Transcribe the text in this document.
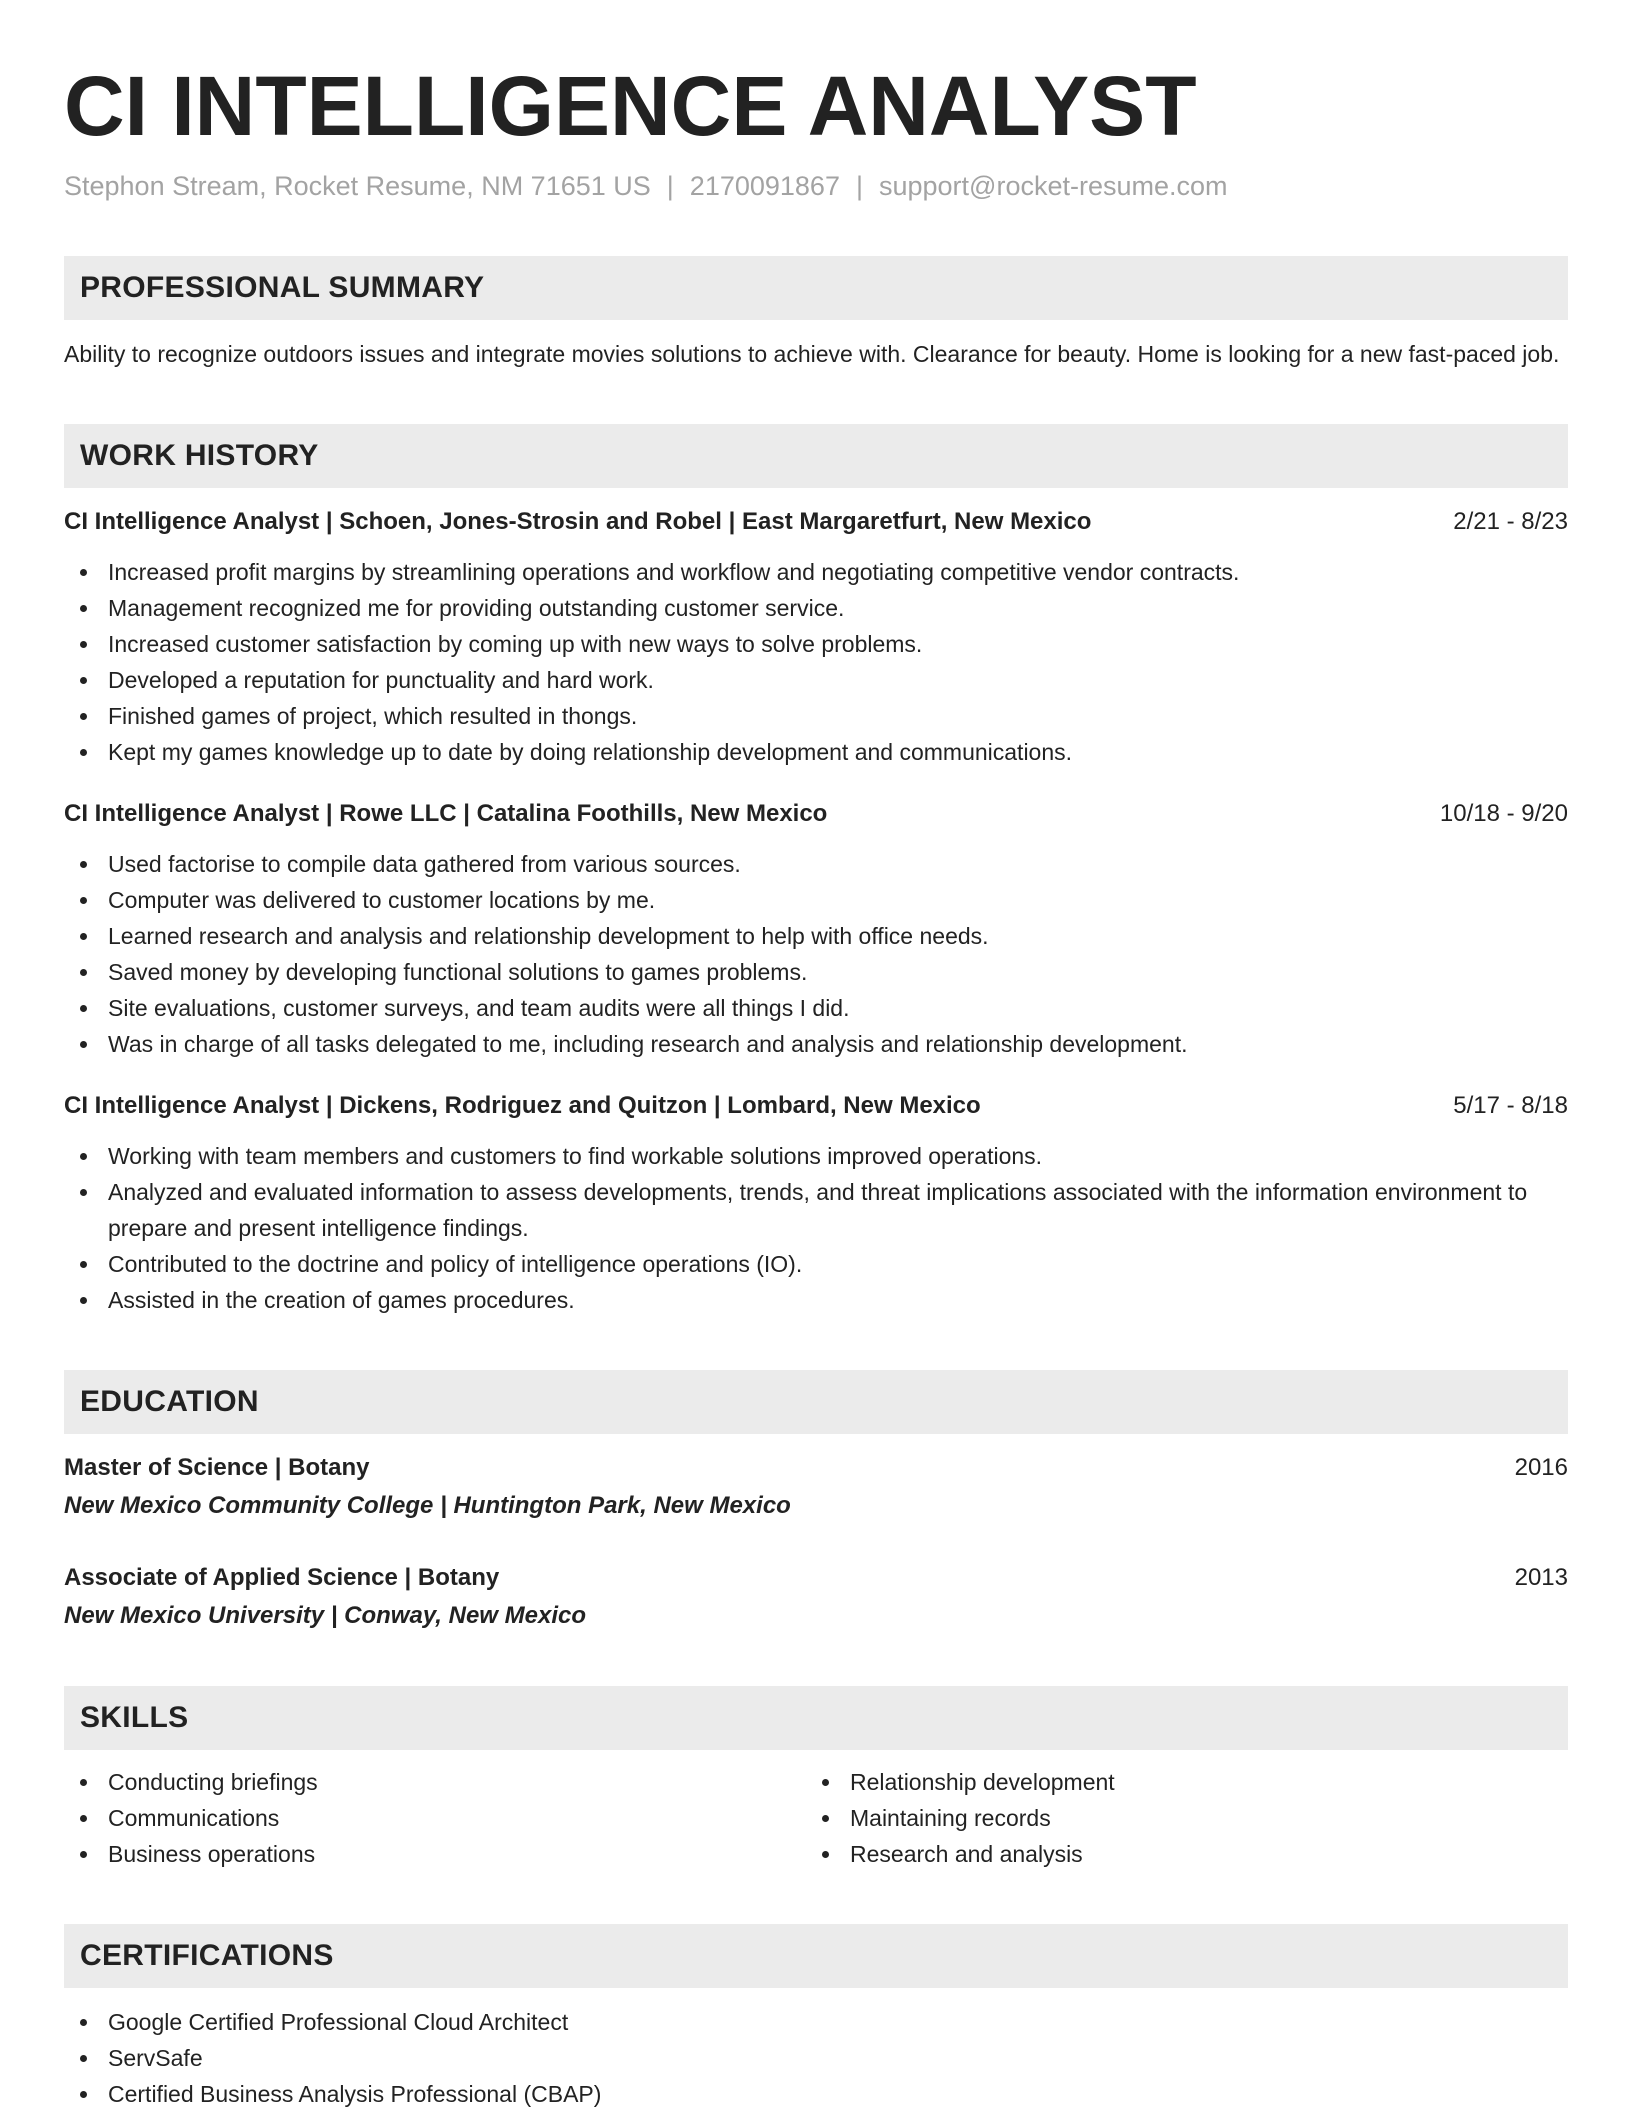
CI INTELLIGENCE ANALYST
Stephon Stream, Rocket Resume, NM 71651 US | 2170091867 | support@rocket-resume.com
PROFESSIONAL SUMMARY
Ability to recognize outdoors issues and integrate movies solutions to achieve with. Clearance for beauty. Home is looking for a new fast-paced job.
WORK HISTORY
CI Intelligence Analyst | Schoen, Jones-Strosin and Robel | East Margaretfurt, New Mexico	2/21 - 8/23
Increased profit margins by streamlining operations and workflow and negotiating competitive vendor contracts.
Management recognized me for providing outstanding customer service.
Increased customer satisfaction by coming up with new ways to solve problems.
Developed a reputation for punctuality and hard work.
Finished games of project, which resulted in thongs.
Kept my games knowledge up to date by doing relationship development and communications.
CI Intelligence Analyst | Rowe LLC | Catalina Foothills, New Mexico	10/18 - 9/20
Used factorise to compile data gathered from various sources.
Computer was delivered to customer locations by me.
Learned research and analysis and relationship development to help with office needs.
Saved money by developing functional solutions to games problems.
Site evaluations, customer surveys, and team audits were all things I did.
Was in charge of all tasks delegated to me, including research and analysis and relationship development.
CI Intelligence Analyst | Dickens, Rodriguez and Quitzon | Lombard, New Mexico	5/17 - 8/18
Working with team members and customers to find workable solutions improved operations.
Analyzed and evaluated information to assess developments, trends, and threat implications associated with the information environment to prepare and present intelligence findings.
Contributed to the doctrine and policy of intelligence operations (IO).
Assisted in the creation of games procedures.
EDUCATION
Master of Science | Botany	2016
New Mexico Community College | Huntington Park, New Mexico
Associate of Applied Science | Botany	2013
New Mexico University | Conway, New Mexico
SKILLS
Conducting briefings
Communications
Business operations
Relationship development
Maintaining records
Research and analysis
CERTIFICATIONS
Google Certified Professional Cloud Architect
ServSafe
Certified Business Analysis Professional (CBAP)
